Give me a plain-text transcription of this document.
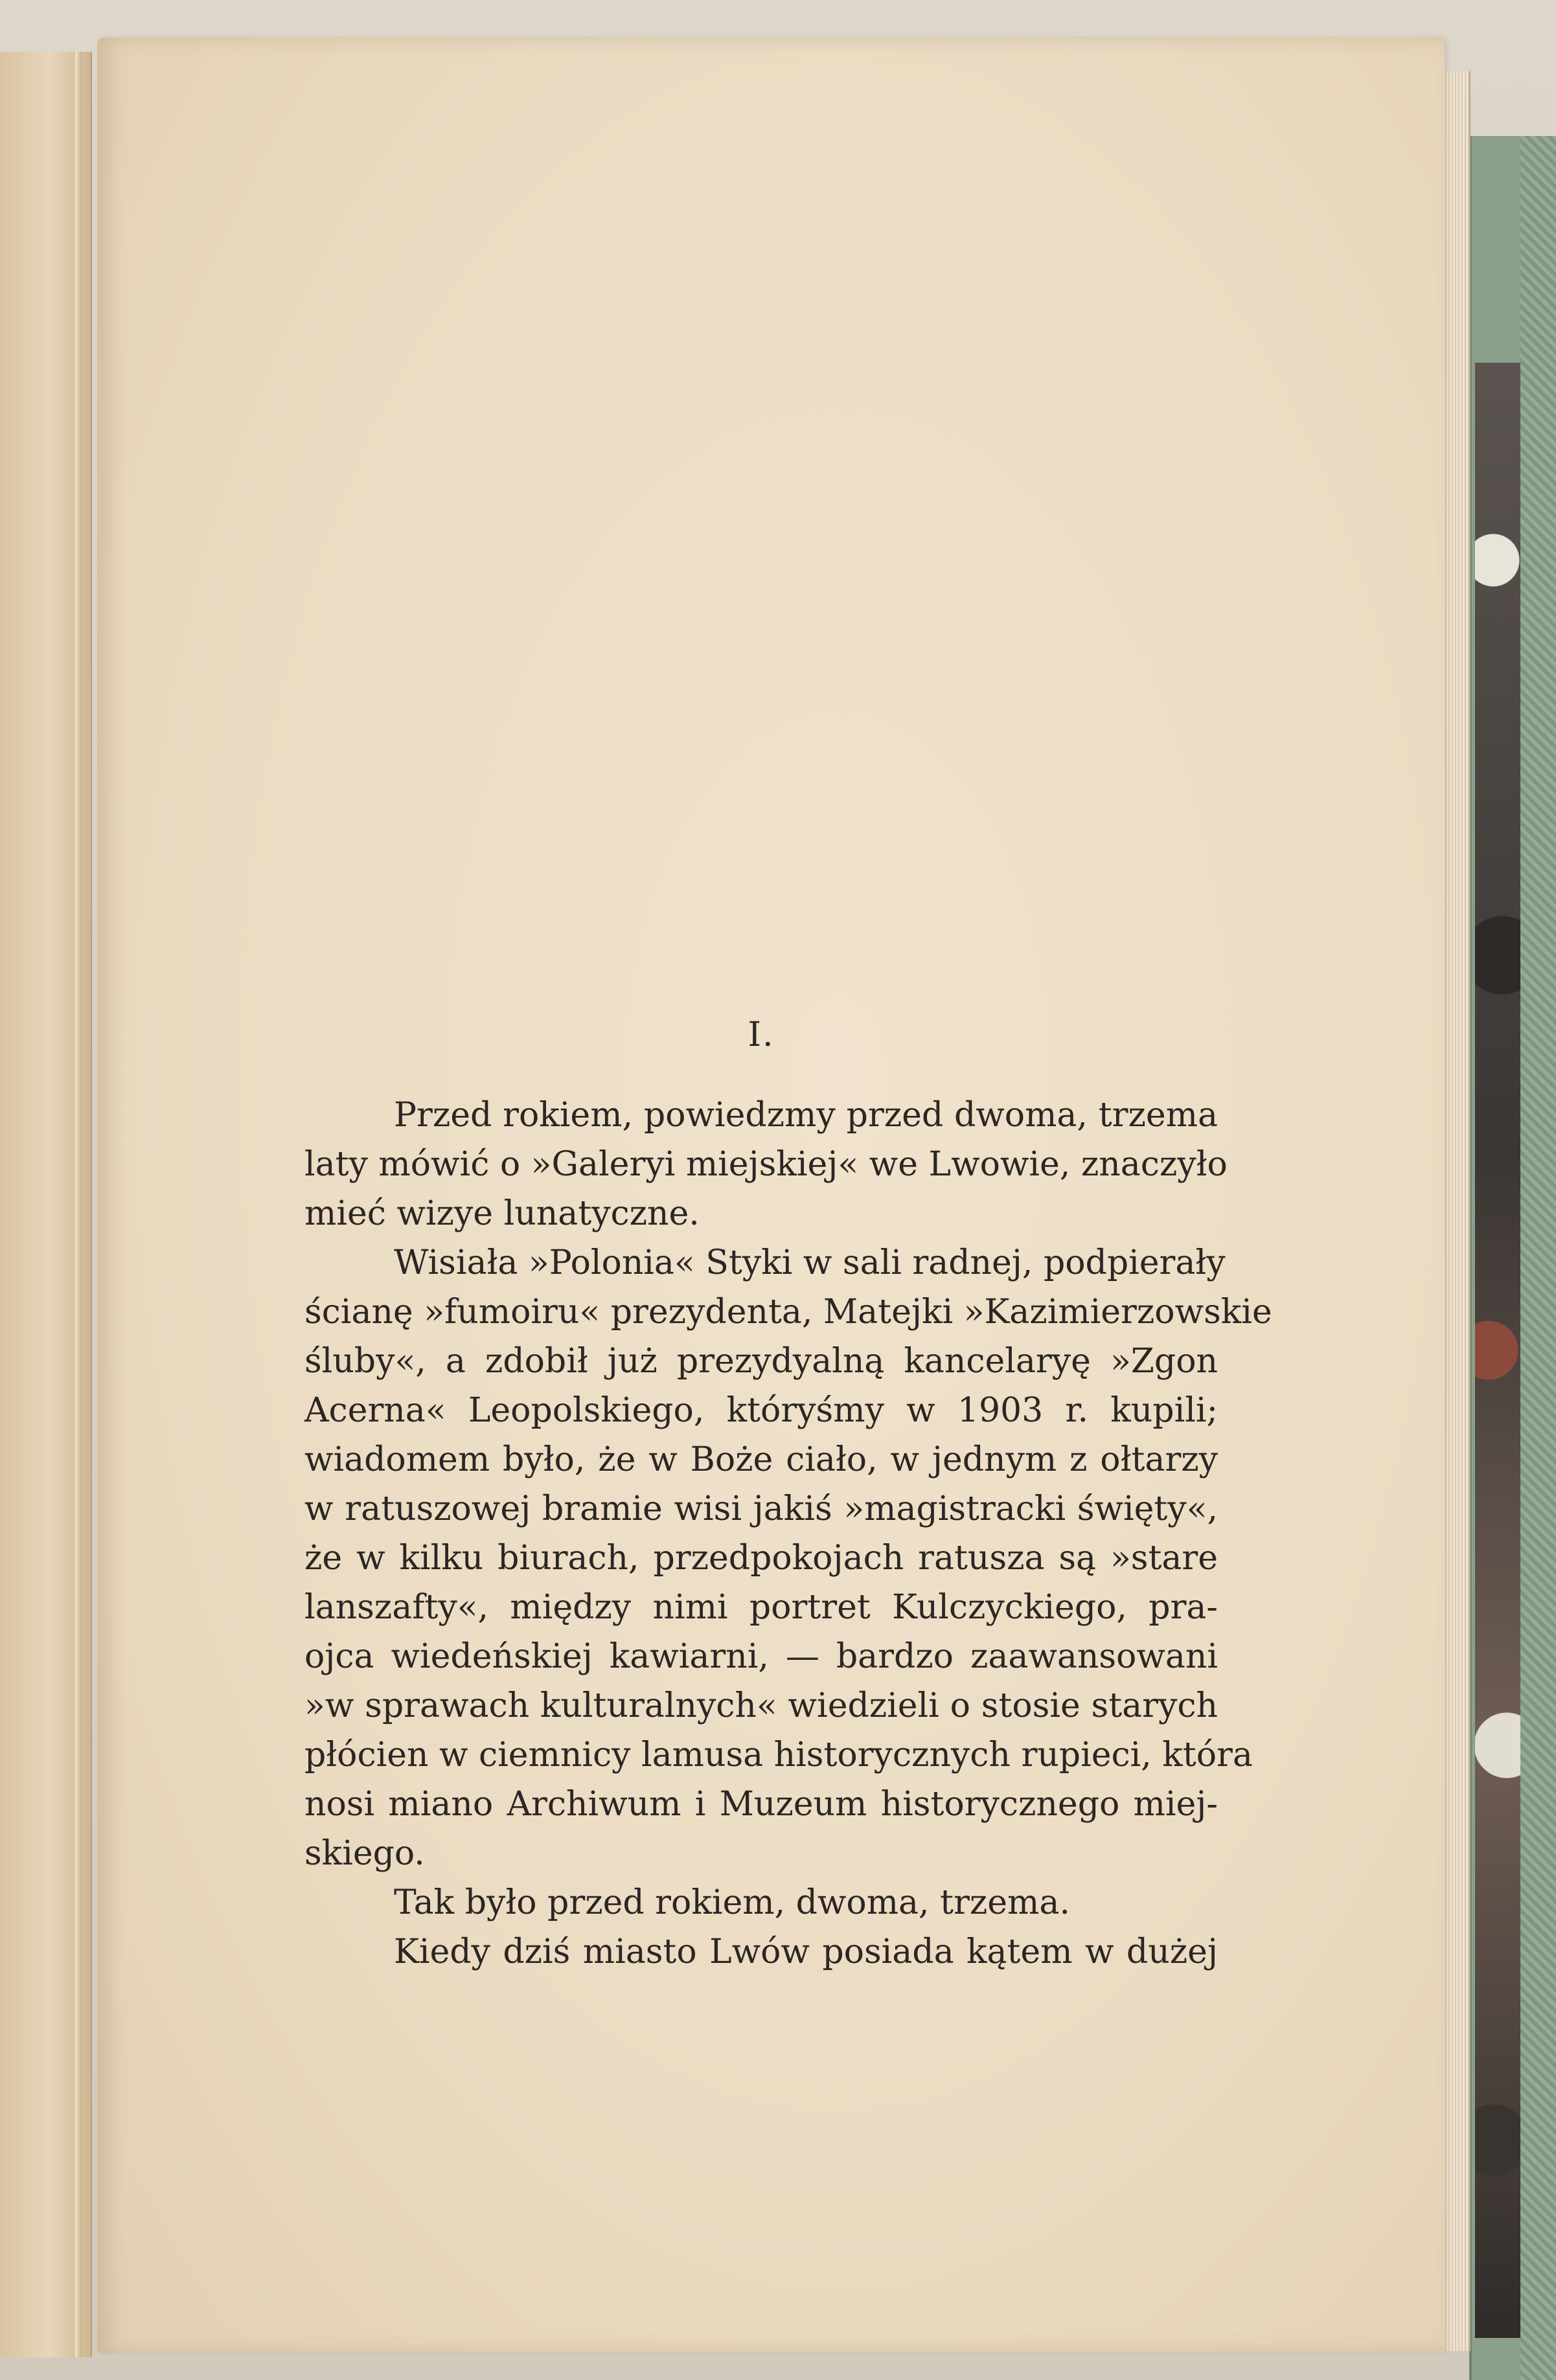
I.
Przed rokiem, powiedzmy przed dwoma, trzema
laty mówić o »Galeryi miejskiej« we Lwowie, znaczyło
mieć wizye lunatyczne.
Wisiała »Polonia« Styki w sali radnej, podpierały
ścianę »fumoiru« prezydenta, Matejki »Kazimierzowskie
śluby«, a zdobił już prezydyalną kancelaryę »Zgon
Acerna« Leopolskiego, któryśmy w 1903 r. kupili;
wiadomem było, że w Boże ciało, w jednym z ołtarzy
w ratuszowej bramie wisi jakiś »magistracki święty«,
że w kilku biurach, przedpokojach ratusza są »stare
lanszafty«, między nimi portret Kulczyckiego, pra-
ojca wiedeńskiej kawiarni, — bardzo zaawansowani
»w sprawach kulturalnych« wiedzieli o stosie starych
płócien w ciemnicy lamusa historycznych rupieci, która
nosi miano Archiwum i Muzeum historycznego miej-
skiego.
Tak było przed rokiem, dwoma, trzema.
Kiedy dziś miasto Lwów posiada kątem w dużej
